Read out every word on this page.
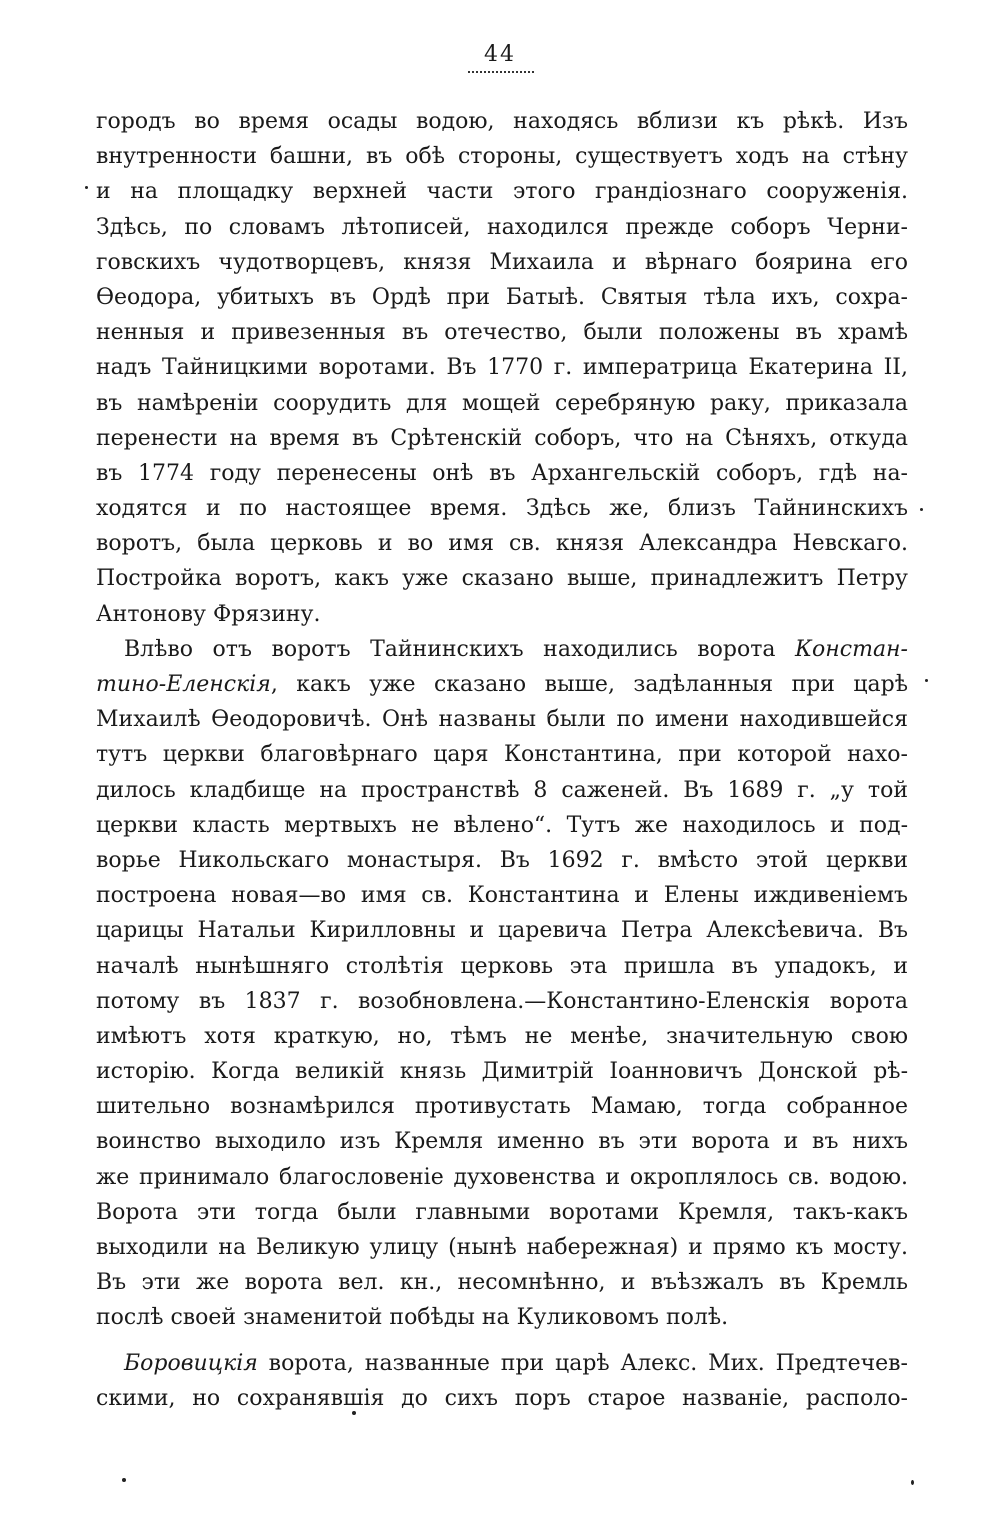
44
городъ во время осады водою, находясь вблизи къ рѣкѣ. Изъ
внутренности башни, въ обѣ стороны, существуетъ ходъ на стѣну
и на площадку верхней части этого грандіознаго сооруженія.
Здѣсь, по словамъ лѣтописей, находился прежде соборъ Черни-
говскихъ чудотворцевъ, князя Михаила и вѣрнаго боярина его
Ѳеодора, убитыхъ въ Ордѣ при Батыѣ. Святыя тѣла ихъ, сохра-
ненныя и привезенныя въ отечество, были положены въ храмѣ
надъ Тайницкими воротами. Въ 1770 г. императрица Екатерина II,
въ намѣреніи соорудить для мощей серебряную раку, приказала
перенести на время въ Срѣтенскій соборъ, что на Сѣняхъ, откуда
въ 1774 году перенесены онѣ въ Архангельскій соборъ, гдѣ на-
ходятся и по настоящее время. Здѣсь же, близъ Тайнинскихъ
воротъ, была церковь и во имя св. князя Александра Невскаго.
Постройка воротъ, какъ уже сказано выше, принадлежитъ Петру
Антонову Фрязину.
Влѣво отъ воротъ Тайнинскихъ находились ворота Констан-
тино-Еленскія, какъ уже сказано выше, задѣланныя при царѣ
Михаилѣ Ѳеодоровичѣ. Онѣ названы были по имени находившейся
тутъ церкви благовѣрнаго царя Константина, при которой нахо-
дилось кладбище на пространствѣ 8 саженей. Въ 1689 г. „у той
церкви класть мертвыхъ не вѣлено“. Тутъ же находилось и под-
ворье Никольскаго монастыря. Въ 1692 г. вмѣсто этой церкви
построена новая—во имя св. Константина и Елены иждивеніемъ
царицы Натальи Кирилловны и царевича Петра Алексѣевича. Въ
началѣ нынѣшняго столѣтія церковь эта пришла въ упадокъ, и
потому въ 1837 г. возобновлена.—Константино-Еленскія ворота
имѣютъ хотя краткую, но, тѣмъ не менѣе, значительную свою
исторію. Когда великій князь Димитрій Іоанновичъ Донской рѣ-
шительно вознамѣрился противустать Мамаю, тогда собранное
воинство выходило изъ Кремля именно въ эти ворота и въ нихъ
же принимало благословеніе духовенства и окроплялось св. водою.
Ворота эти тогда были главными воротами Кремля, такъ-какъ
выходили на Великую улицу (нынѣ набережная) и прямо къ мосту.
Въ эти же ворота вел. кн., несомнѣнно, и въѣзжалъ въ Кремль
послѣ своей знаменитой побѣды на Куликовомъ полѣ.
Боровицкія ворота, названные при царѣ Алекс. Мих. Предтечев-
скими, но сохранявшія до сихъ поръ старое названіе, располо-
